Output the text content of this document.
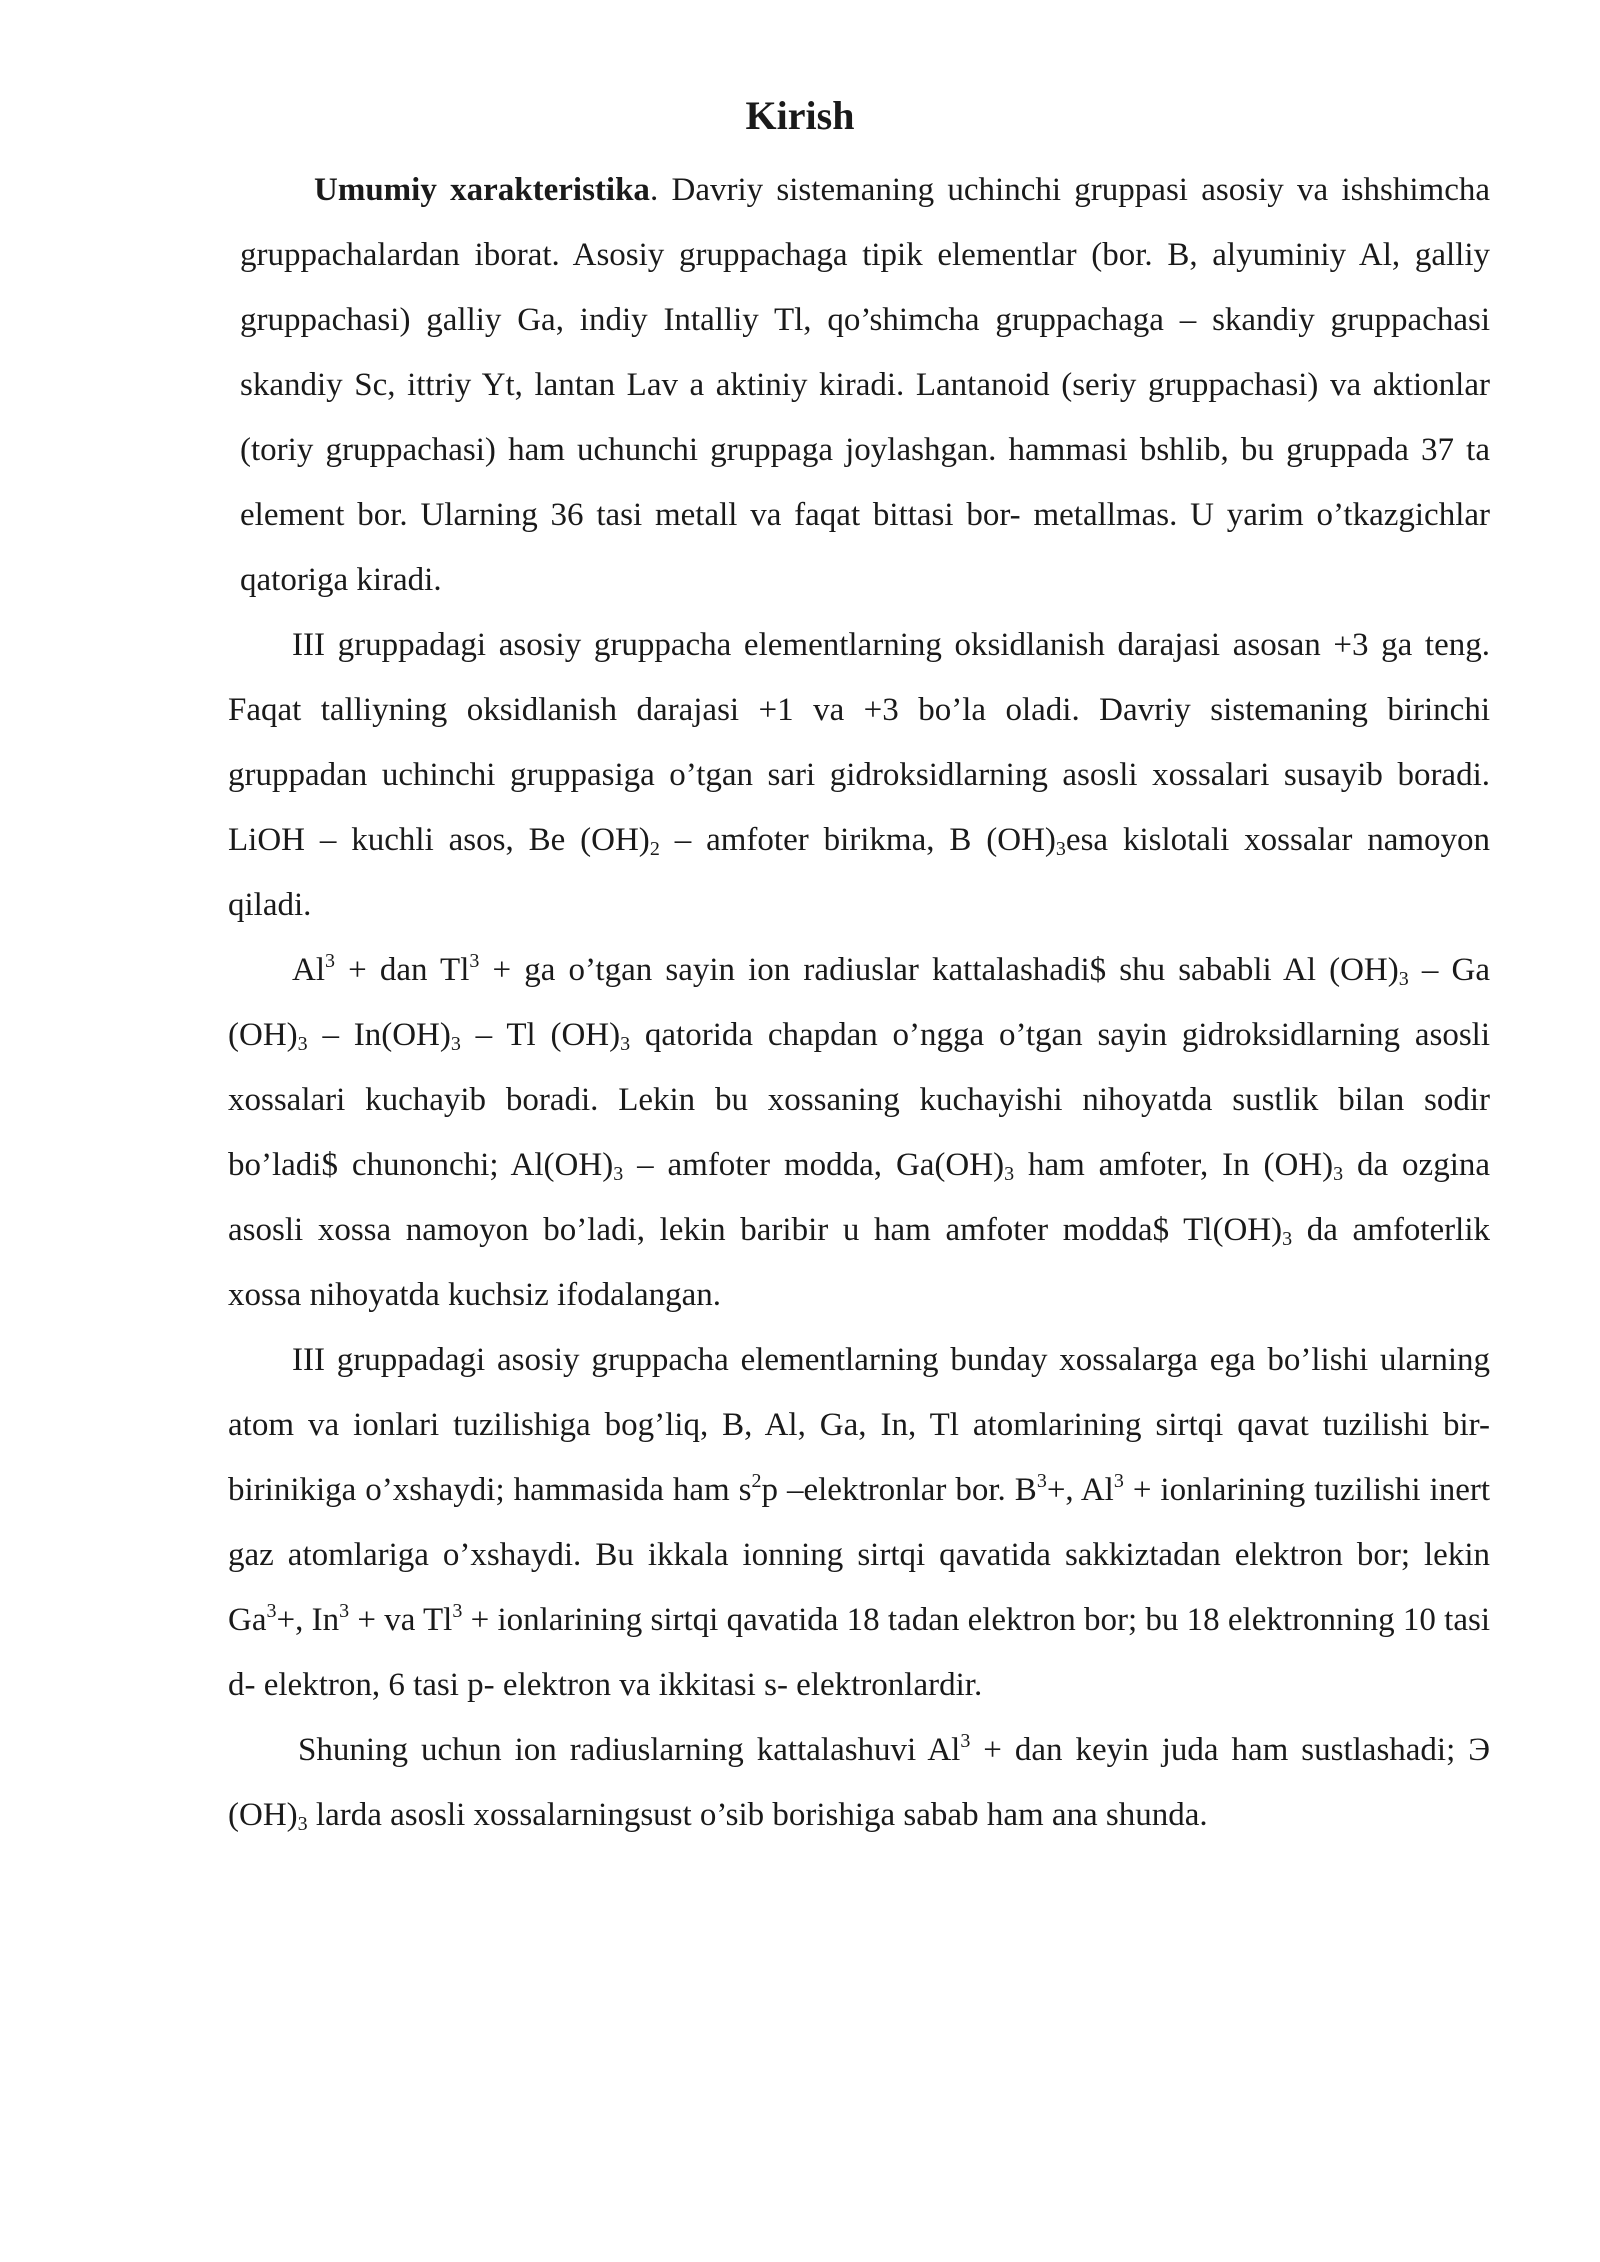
Kirish

Umumiy xarakteristika. Davriy sistemaning uchinchi gruppasi asosiy va ishshimcha gruppachalardan iborat. Asosiy gruppachaga tipik elementlar (bor. B, alyuminiy Al, galliy gruppachasi) galliy Ga, indiy Intalliy Tl, qo’shimcha gruppachaga – skandiy gruppachasi skandiy Sc, ittriy Yt, lantan Lav a aktiniy kiradi. Lantanoid (seriy gruppachasi) va aktionlar (toriy gruppachasi) ham uchunchi gruppaga joylashgan. hammasi bshlib, bu gruppada 37 ta element bor. Ularning 36 tasi metall va faqat bittasi bor- metallmas. U yarim o’tkazgichlar qatoriga kiradi.

III gruppadagi asosiy gruppacha elementlarning oksidlanish darajasi asosan +3 ga teng. Faqat talliyning oksidlanish darajasi +1 va +3 bo’la oladi. Davriy sistemaning birinchi gruppadan uchinchi gruppasiga o’tgan sari gidroksidlarning asosli xossalari susayib boradi. LiOH – kuchli asos, Be $(OH)_2$ – amfoter birikma, B $(OH)_3esa$ kislotali xossalar namoyon qiladi.

$Al^3$ + dan $Tl^3$ + ga o’tgan sayin ion radiuslar kattalashadi$ shu sababli Al $(OH)_3$ – Ga $(OH)_3 - In(OH)_3$ – Tl $(OH)_3$ qatorida chapdan o’ngga o’tgan sayin gidroksidlarning asosli xossalari kuchayib boradi. Lekin bu xossaning kuchayishi nihoyatda sustlik bilan sodir bo’ladi$ chunonchi; $Al(OH)_3$ – amfoter modda, $Ga(OH)_3$ ham amfoter, In $(OH)_3$ da ozgina asosli xossa namoyon bo’ladi, lekin baribir u ham amfoter modda$ $Tl(OH)_3$ da amfoterlik xossa nihoyatda kuchsiz ifodalangan.

III gruppadagi asosiy gruppacha elementlarning bunday xossalarga ega bo’lishi ularning atom va ionlari tuzilishiga bog’liq, B, Al, Ga, In, Tl atomlarining sirtqi qavat tuzilishi bir- birinikiga o’xshaydi; hammasida ham $s^2p$ –elektronlar bor. $B^3+$, $Al^3$ + ionlarining tuzilishi inert gaz atomlariga o’xshaydi. Bu ikkala ionning sirtqi qavatida sakkiztadan elektron bor; lekin $Ga^3+$, $In^3$ + va $Tl^3$ + ionlarining sirtqi qavatida 18 tadan elektron bor; bu 18 elektronning 10 tasi d- elektron, 6 tasi p- elektron va ikkitasi s- elektronlardir.

Shuning uchun ion radiuslarning kattalashuvi $Al^3$ + dan keyin juda ham sustlashadi; Э $(OH)_3$ larda asosli xossalarningsust o’sib borishiga sabab ham ana shunda.
